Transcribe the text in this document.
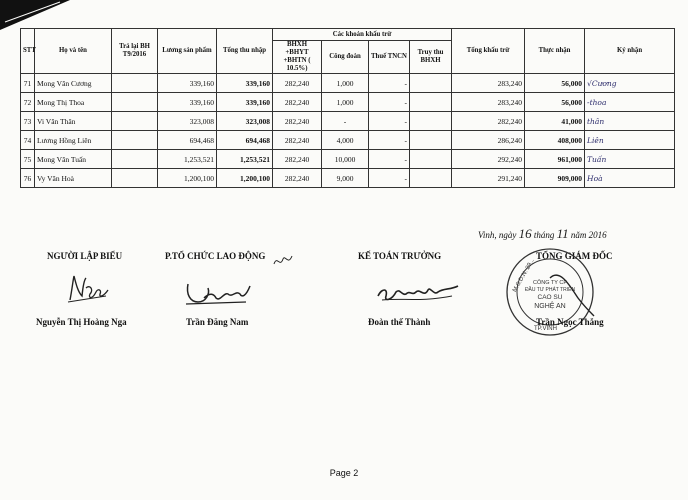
STT	Họ và tên	Trả lại BH T9/2016	Lương sản phẩm	Tổng thu nhập	Các khoản khấu trừ				Tổng khấu trừ	Thực nhận	Ký nhận
					BHXH +BHYT +BHTN ( 10.5%)	Công đoàn	Thuế TNCN	Truy thu BHXH			
71	Mong Văn Cương		339,160	339,160	282,240	1,000	-		283,240	56,000	√Cương
72	Mong Thị Thoa		339,160	339,160	282,240	1,000	-		283,240	56,000	-thoa
73	Vi Văn Thân		323,008	323,008	282,240	-	-		282,240	41,000	thân
74	Lương Hồng Liên		694,468	694,468	282,240	4,000	-		286,240	408,000	Liên
75	Mong Văn Tuấn		1,253,521	1,253,521	282,240	10,000	-		292,240	961,000	Tuấn
76	Vy Văn Hoà		1,200,100	1,200,100	282,240	9,000	-		291,240	909,000	Hoà
Vinh, ngày 16 tháng 11 năm 2016
NGƯỜI LẬP BIỂU	P.TỔ CHỨC LAO ĐỘNG	KẾ TOÁN TRƯỞNG	TỔNG GIÁM ĐỐC
M.S.D.N: 29...
CÔNG TY CP
ĐẦU TƯ PHÁT TRIỂN
CAO SU
NGHỆ AN
TP.VINH
Nguyễn Thị Hoàng Nga	Trần Đăng Nam	Đoàn thế Thành	Trần Ngọc Thắng
Page 2
